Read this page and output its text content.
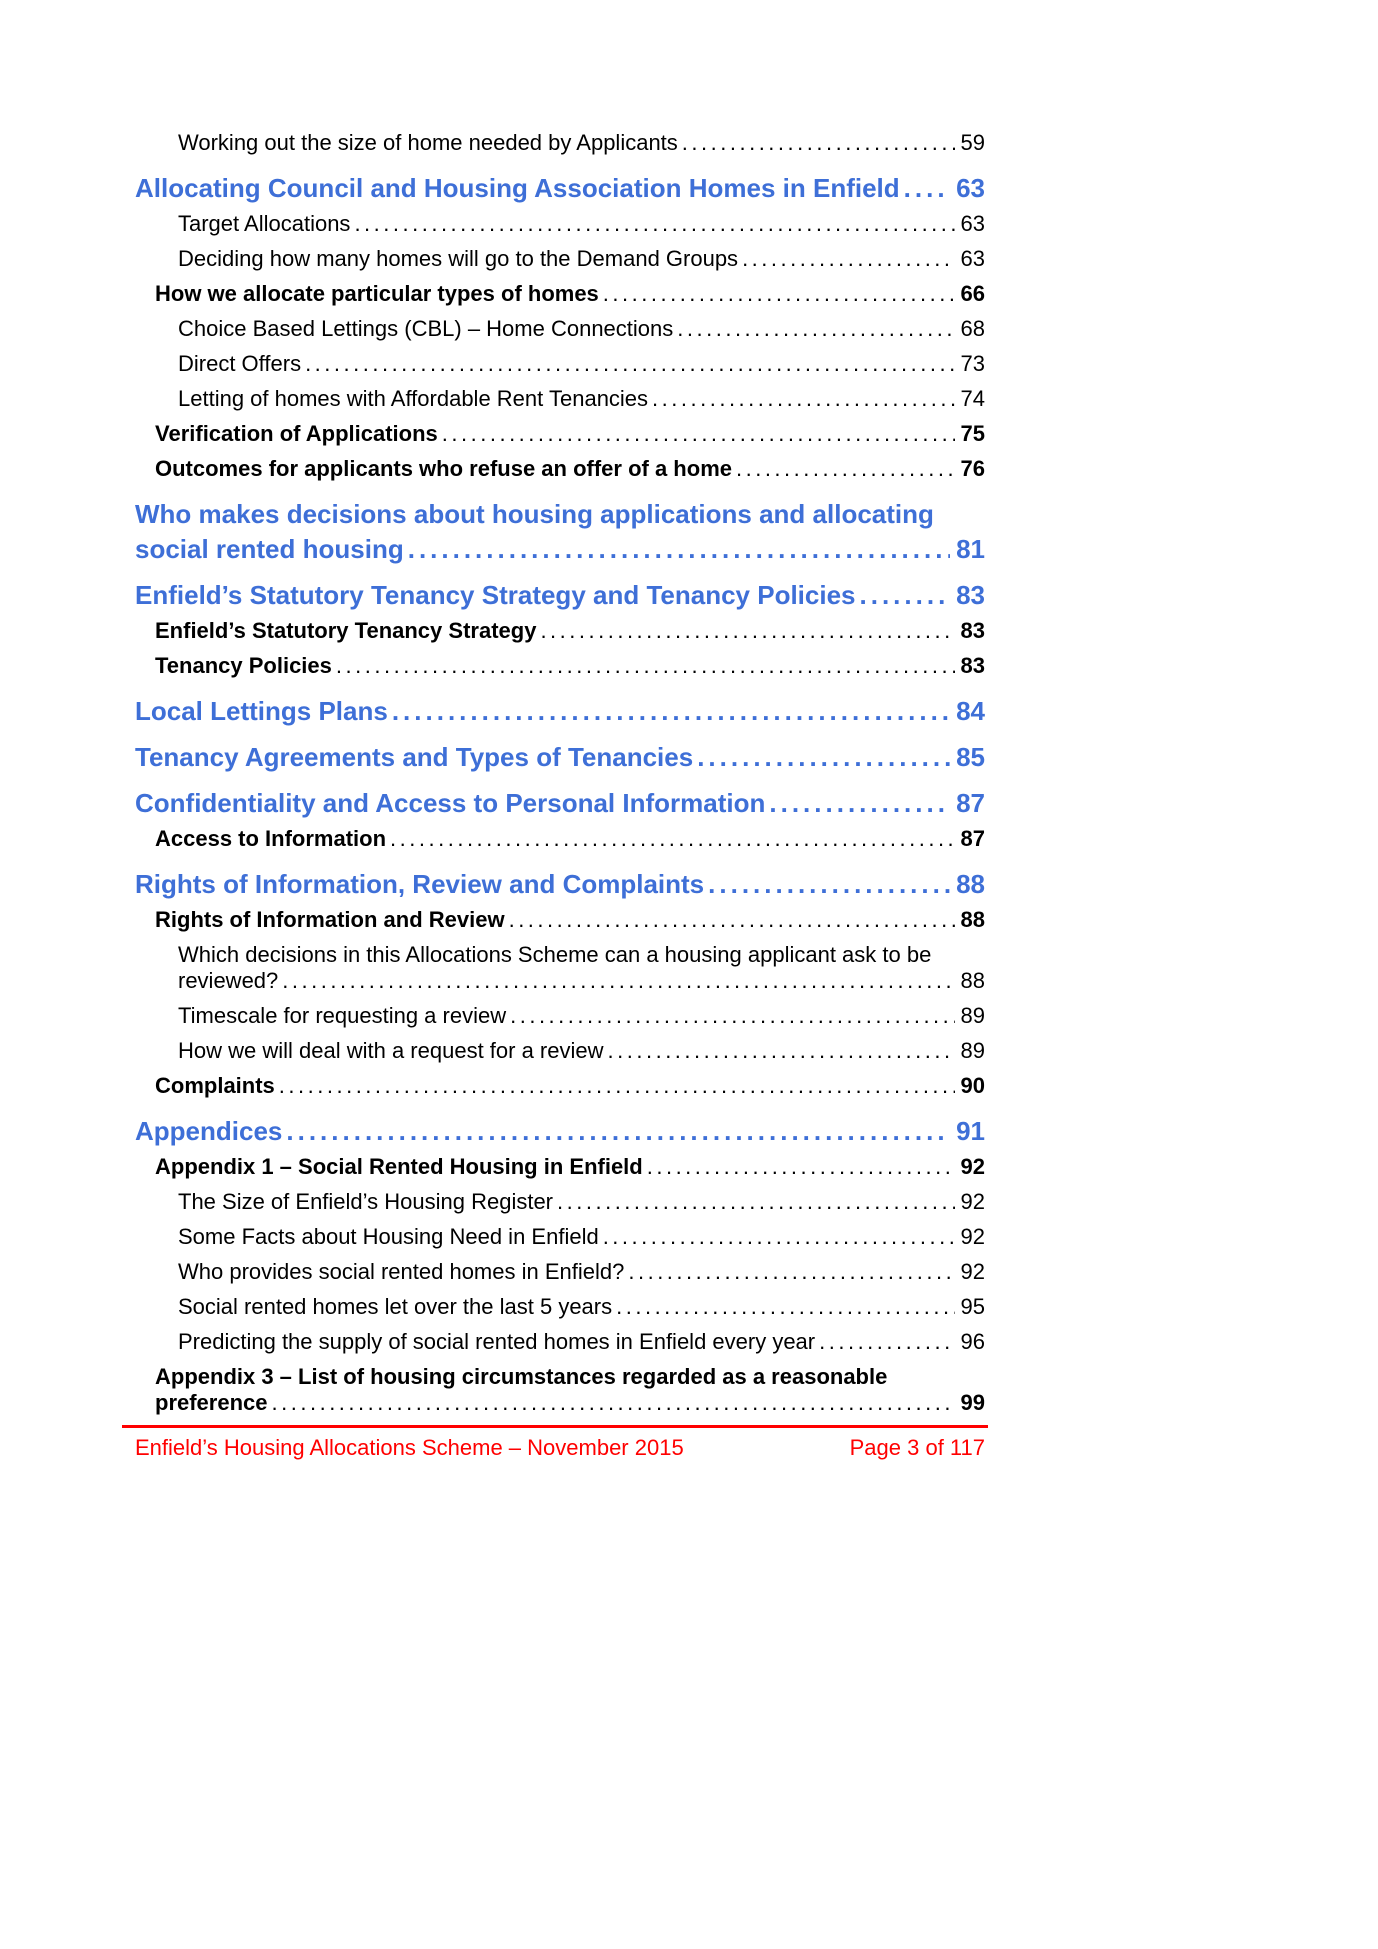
Working out the size of home needed by Applicants .....	59
Allocating Council and Housing Association Homes in Enfield ..... 63
Target Allocations .....	63
Deciding how many homes will go to the Demand Groups .....	63
How we allocate particular types of homes .....	66
Choice Based Lettings (CBL) – Home Connections .....	68
Direct Offers .....	73
Letting of homes with Affordable Rent Tenancies .....	74
Verification of Applications .....	75
Outcomes for applicants who refuse an offer of a home .....	76
Who makes decisions about housing applications and allocating
social rented housing .....	81
Enfield’s Statutory Tenancy Strategy and Tenancy Policies .....	83
Enfield’s Statutory Tenancy Strategy .....	83
Tenancy Policies .....	83
Local Lettings Plans .....	84
Tenancy Agreements and Types of Tenancies .....	85
Confidentiality and Access to Personal Information .....	87
Access to Information .....	87
Rights of Information, Review and Complaints .....	88
Rights of Information and Review .....	88
Which decisions in this Allocations Scheme can a housing applicant ask to be
reviewed? .....	88
Timescale for requesting a review .....	89
How we will deal with a request for a review .....	89
Complaints .....	90
Appendices .....	91
Appendix 1 – Social Rented Housing in Enfield .....	92
The Size of Enfield’s Housing Register .....	92
Some Facts about Housing Need in Enfield .....	92
Who provides social rented homes in Enfield? .....	92
Social rented homes let over the last 5 years .....	95
Predicting the supply of social rented homes in Enfield every year .....	96
Appendix 3 – List of housing circumstances regarded as a reasonable
preference .....	99
Enfield’s Housing Allocations Scheme – November 2015	Page 3 of 117
